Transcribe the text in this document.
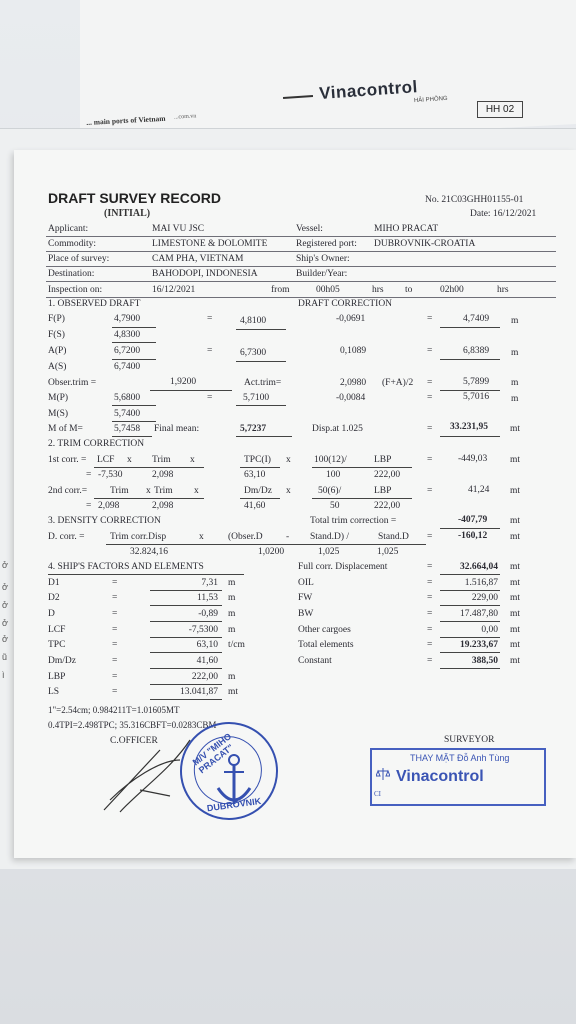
ở
ở
ở
ở
ở
ũ
ì
Vinacontrol
HẢI PHÒNG
...com.vn
... main ports of Vietnam
HH 02
DRAFT SURVEY RECORD
(INITIAL)
No. 21C03GHH01155-01
Date: 16/12/2021
Applicant:	MAI VU JSC	Vessel:	MIHO PRACAT
Commodity:	LIMESTONE & DOLOMITE	Registered port: DUBROVNIK-CROATIA
Place of survey:	CAM PHA, VIETNAM	Ship's Owner:
Destination:	BAHODOPI, INDONESIA	Builder/Year:
Inspection on:	16/12/2021	from	00h05	hrs to	02h00	hrs
1. OBSERVED DRAFT	DRAFT CORRECTION
F(P)	4,7900	=	4,8100	-0,0691	=	4,7409 m
F(S)	4,8300
A(P)	6,7200	=	6,7300	0,1089	=	6,8389 m
A(S)	6,7400
Obser.trim =	1,9200	Act.trim=	2,0980 (F+A)/2 =	5,7899 m
M(P)	5,6800	=	5,7100	-0,0084	=	5,7016 m
M(S)	5,7400
M of M=	5,7458 Final mean:	5,7237	Disp.at 1.025	= 33.231,95 mt
2. TRIM CORRECTION
1st corr. = LCF x Trim x	TPC(I) x 100(12)/	LBP	=	-449,03 mt
= -7,530	2,098	63,10	100	222,00
2nd corr.= Trim x Trim x	Dm/Dz x	50(6)/	LBP	=	41,24 mt
= 2,098	2,098	41,60	50	222,00
3. DENSITY CORRECTION	Total trim correction =	-407,79 mt
D. corr. =	Trim corr.Disp	x	(Obser.D - Stand.D) /	Stand.D =	-160,12 mt
32.824,16	1,0200	1,025	1,025
4. SHIP'S FACTORS AND ELEMENTS
D1	=	7,31 m
D2	=	11,53 m
D	=	-0,89 m
LCF	=	-7,5300 m
TPC	=	63,10 t/cm
Dm/Dz	=	41,60
LBP	=	222,00 m
LS	=	13.041,87 mt
Full corr. Displacement	=	32.664,04 mt
OIL	=	1.516,87 mt
FW	=	229,00 mt
BW	=	17.487,80 mt
Other cargoes	=	0,00 mt
Total elements	=	19.233,67 mt
Constant	=	388,50 mt
1"=2.54cm; 0.984211T=1.01605MT
0.4TPI=2.498TPC; 35.316CBFT=0.0283CBM
C.OFFICER	SURVEYOR
M/V "MIHO PRACAT"
DUBROVNIK
THAY MẶT Đỗ Anh Tùng
Vinacontrol
CI
